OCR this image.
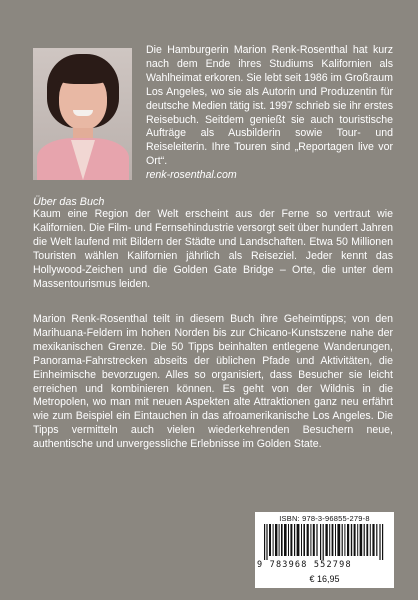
Die Hamburgerin Marion Renk-Rosenthal hat kurz nach dem Ende ihres Studiums Kalifornien als Wahlheimat erkoren. Sie lebt seit 1986 im Großraum Los Angeles, wo sie als Autorin und Produzentin für deutsche Medien tätig ist. 1997 schrieb sie ihr erstes Reisebuch. Seitdem genießt sie auch touristische Aufträge als Ausbilderin sowie Tour- und Reiseleiterin. Ihre Touren sind „Reportagen live vor Ort“.
renk-rosenthal.com
Über das Buch
Kaum eine Region der Welt erscheint aus der Ferne so vertraut wie Kalifornien. Die Film- und Fernsehindustrie versorgt seit über hundert Jahren die Welt laufend mit Bildern der Städte und Landschaften. Etwa 50 Millionen Touristen wählen Kalifornien jährlich als Reiseziel. Jeder kennt das Hollywood-Zeichen und die Golden Gate Bridge – Orte, die unter dem Massentourismus leiden.
Marion Renk-Rosenthal teilt in diesem Buch ihre Geheimtipps; von den Marihuana-Feldern im hohen Norden bis zur Chicano-Kunstszene nahe der mexikanischen Grenze. Die 50 Tipps beinhalten entlegene Wanderungen, Panorama-Fahrstrecken abseits der üblichen Pfade und Aktivitäten, die Einheimische bevorzugen. Alles so organisiert, dass Besucher sie leicht erreichen und kombinieren können. Es geht von der Wildnis in die Metropolen, wo man mit neuen Aspekten alte Attraktionen ganz neu erfährt wie zum Beispiel ein Eintauchen in das afroamerikanische Los Angeles. Die Tipps vermitteln auch vielen wiederkehrenden Besuchern neue, authentische und unvergessliche Erlebnisse im Golden State.
ISBN: 978-3-96855-279-8
9 783968 552798
€ 16,95
